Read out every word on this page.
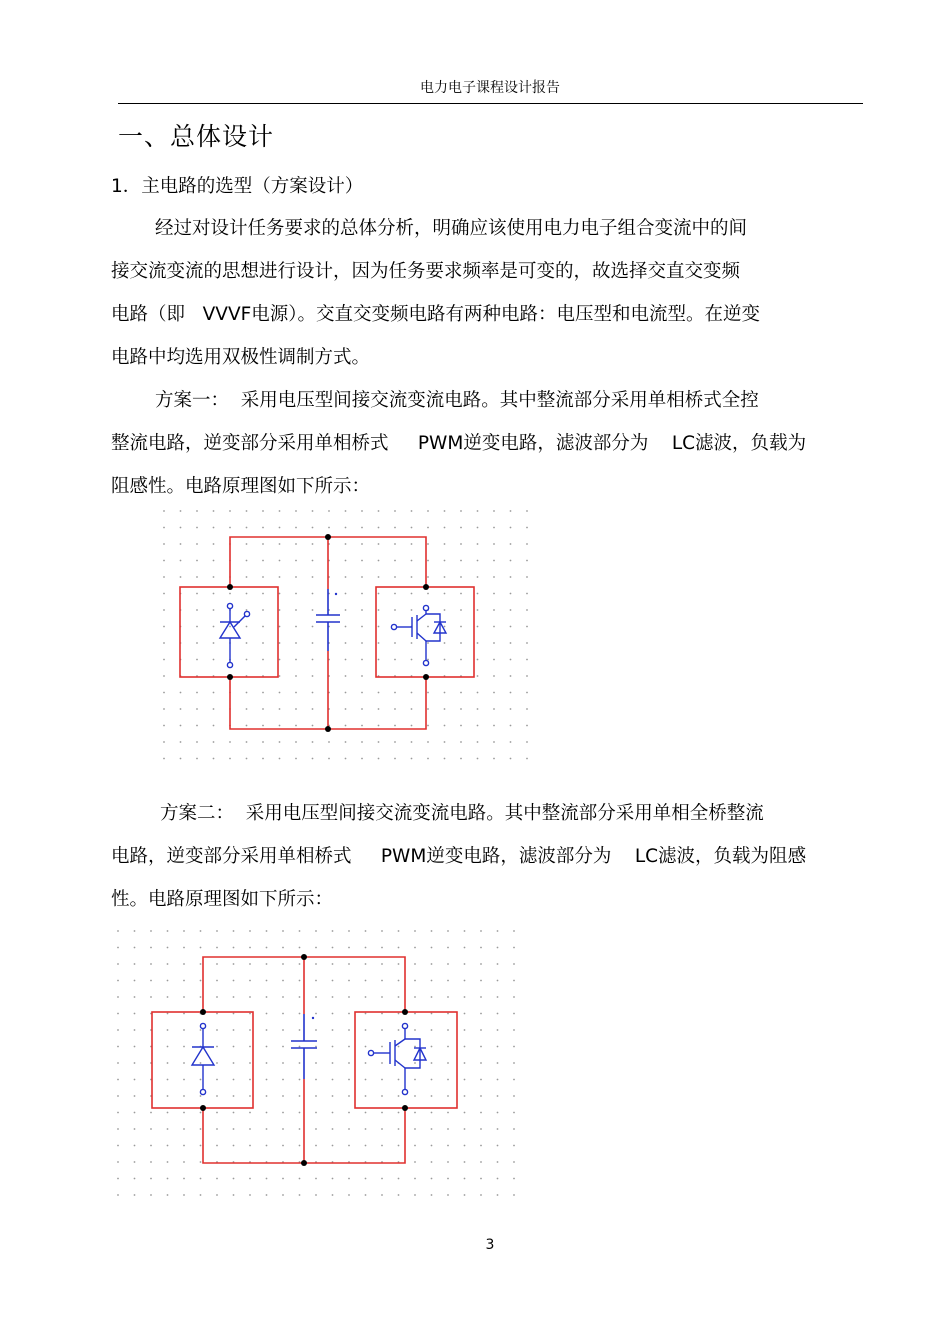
电力电子课程设计报告
一、总体设计
1．主电路的选型（方案设计）
经过对设计任务要求的总体分析，明确应该使用电力电子组合变流中的间
接交流变流的思想进行设计，因为任务要求频率是可变的，故选择交直交变频
电路（即   VVVF电源）。交直交变频电路有两种电路：电压型和电流型。在逆变
电路中均选用双极性调制方式。
方案一：  采用电压型间接交流变流电路。其中整流部分采用单相桥式全控
整流电路，逆变部分采用单相桥式     PWM逆变电路，滤波部分为    LC滤波，负载为
阻感性。电路原理图如下所示：
方案二：  采用电压型间接交流变流电路。其中整流部分采用单相全桥整流
电路，逆变部分采用单相桥式     PWM逆变电路，滤波部分为    LC滤波，负载为阻感
性。电路原理图如下所示：
3
